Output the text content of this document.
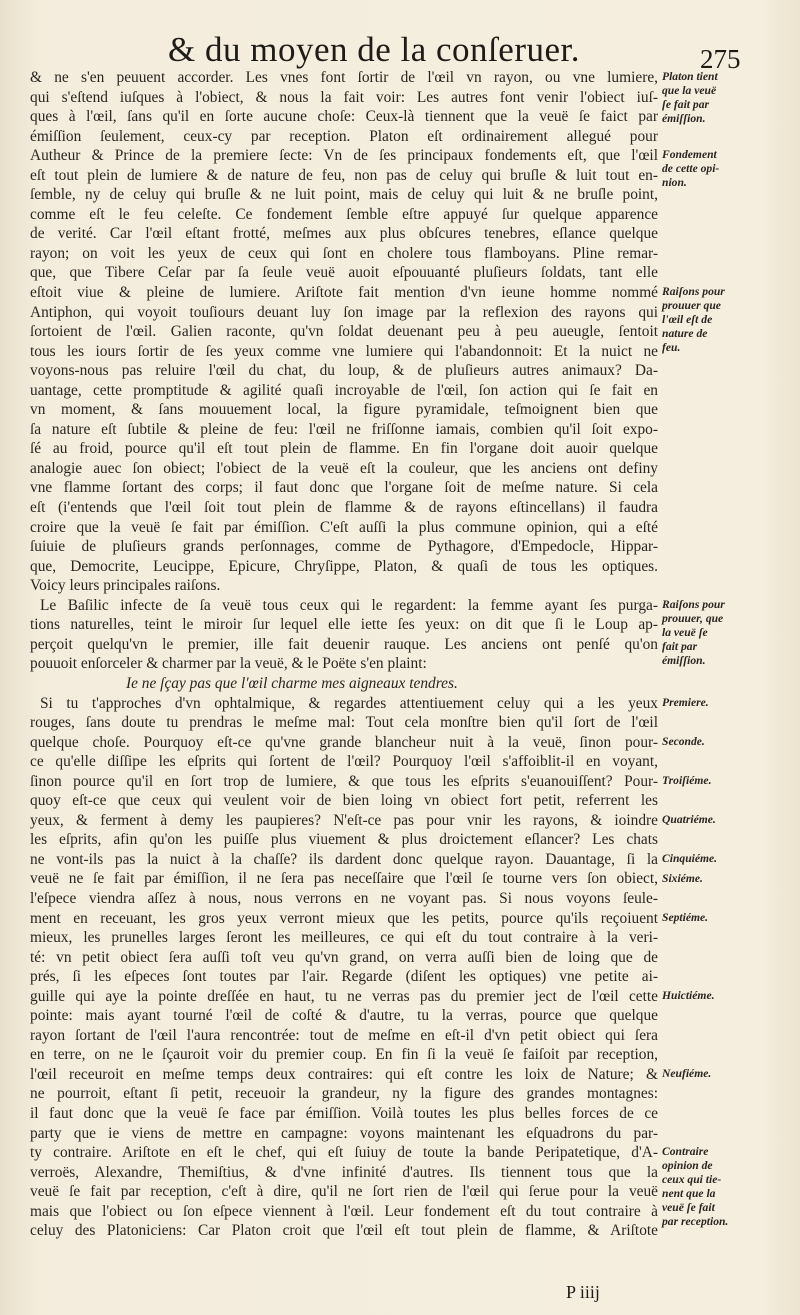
& du moyen de la conſeruer.	275
& ne s'en peuuent accorder. Les vnes font ſortir de l'œil vn rayon, ou vne lumiere,
qui s'eſtend iuſques à l'obiect, & nous la fait voir: Les autres font venir l'obiect iuſ-
ques à l'œil, ſans qu'il en ſorte aucune choſe: Ceux-là tiennent que la veuë ſe faict par
émiſſion ſeulement, ceux-cy par reception. Platon eſt ordinairement allegué pour
Autheur & Prince de la premiere ſecte: Vn de ſes principaux fondements eſt, que l'œil
eſt tout plein de lumiere & de nature de feu, non pas de celuy qui bruſle & luit tout en-
ſemble, ny de celuy qui bruſle & ne luit point, mais de celuy qui luit & ne bruſle point,
comme eſt le feu celeſte. Ce fondement ſemble eſtre appuyé ſur quelque apparence
de verité. Car l'œil eſtant frotté, meſmes aux plus obſcures tenebres, eſlance quelque
rayon; on voit les yeux de ceux qui ſont en cholere tous flamboyans. Pline remar-
que, que Tibere Ceſar par ſa ſeule veuë auoit eſpouuanté pluſieurs ſoldats, tant elle
eſtoit viue & pleine de lumiere. Ariſtote fait mention d'vn ieune homme nommé
Antiphon, qui voyoit touſiours deuant luy ſon image par la reflexion des rayons qui
ſortoient de l'œil. Galien raconte, qu'vn ſoldat deuenant peu à peu aueugle, ſentoit
tous les iours ſortir de ſes yeux comme vne lumiere qui l'abandonnoit: Et la nuict ne
voyons-nous pas reluire l'œil du chat, du loup, & de pluſieurs autres animaux? Da-
uantage, cette promptitude & agilité quaſi incroyable de l'œil, ſon action qui ſe fait en
vn moment, & ſans mouuement local, la figure pyramidale, teſmoignent bien que
ſa nature eſt ſubtile & pleine de feu: l'œil ne friſſonne iamais, combien qu'il ſoit expo-
ſé au froid, pource qu'il eſt tout plein de flamme. En fin l'organe doit auoir quelque
analogie auec ſon obiect; l'obiect de la veuë eſt la couleur, que les anciens ont definy
vne flamme ſortant des corps; il faut donc que l'organe ſoit de meſme nature. Si cela
eſt (i'entends que l'œil ſoit tout plein de flamme & de rayons eſtincellans) il faudra
croire que la veuë ſe fait par émiſſion. C'eſt auſſi la plus commune opinion, qui a eſté
ſuiuie de pluſieurs grands perſonnages, comme de Pythagore, d'Empedocle, Hippar-
que, Democrite, Leucippe, Epicure, Chryſippe, Platon, & quaſi de tous les optiques.
Voicy leurs principales raiſons.
Le Baſilic infecte de ſa veuë tous ceux qui le regardent: la femme ayant ſes purga-
tions naturelles, teint le miroir ſur lequel elle iette ſes yeux: on dit que ſi le Loup ap-
perçoit quelqu'vn le premier, ille fait deuenir rauque. Les anciens ont penſé qu'on
pouuoit enſorceler & charmer par la veuë, & le Poëte s'en plaint:
Ie ne ſçay pas que l'œil charme mes aigneaux tendres.
Si tu t'approches d'vn ophtalmique, & regardes attentiuement celuy qui a les yeux
rouges, ſans doute tu prendras le meſme mal: Tout cela monſtre bien qu'il ſort de l'œil
quelque choſe. Pourquoy eſt-ce qu'vne grande blancheur nuit à la veuë, ſinon pour-
ce qu'elle diſſipe les eſprits qui ſortent de l'œil? Pourquoy l'œil s'affoiblit-il en voyant,
ſinon pource qu'il en ſort trop de lumiere, & que tous les eſprits s'euanouiſſent? Pour-
quoy eſt-ce que ceux qui veulent voir de bien loing vn obiect fort petit, referrent les
yeux, & ferment à demy les paupieres? N'eſt-ce pas pour vnir les rayons, & ioindre
les eſprits, afin qu'on les puiſſe plus viuement & plus droictement eſlancer? Les chats
ne vont-ils pas la nuict à la chaſſe? ils dardent donc quelque rayon. Dauantage, ſi la
veuë ne ſe fait par émiſſion, il ne ſera pas neceſſaire que l'œil ſe tourne vers ſon obiect,
l'eſpece viendra aſſez à nous, nous verrons en ne voyant pas. Si nous voyons ſeule-
ment en receuant, les gros yeux verront mieux que les petits, pource qu'ils reçoiuent
mieux, les prunelles larges ſeront les meilleures, ce qui eſt du tout contraire à la veri-
té: vn petit obiect ſera auſſi toſt veu qu'vn grand, on verra auſſi bien de loing que de
prés, ſi les eſpeces ſont toutes par l'air. Regarde (diſent les optiques) vne petite ai-
guille qui aye la pointe dreſſée en haut, tu ne verras pas du premier ject de l'œil cette
pointe: mais ayant tourné l'œil de coſté & d'autre, tu la verras, pource que quelque
rayon ſortant de l'œil l'aura rencontrée: tout de meſme en eſt-il d'vn petit obiect qui ſera
en terre, on ne le ſçauroit voir du premier coup. En fin ſi la veuë ſe faiſoit par reception,
l'œil receuroit en meſme temps deux contraires: qui eſt contre les loix de Nature; &
ne pourroit, eſtant ſi petit, receuoir la grandeur, ny la figure des grandes montagnes:
il faut donc que la veuë ſe face par émiſſion. Voilà toutes les plus belles forces de ce
party que ie viens de mettre en campagne: voyons maintenant les eſquadrons du par-
ty contraire. Ariſtote en eſt le chef, qui eſt ſuiuy de toute la bande Peripatetique, d'A-
verroës, Alexandre, Themiſtius, & d'vne infinité d'autres. Ils tiennent tous que la
veuë ſe fait par reception, c'eſt à dire, qu'il ne ſort rien de l'œil qui ſerue pour la veuë
mais que l'obiect ou ſon eſpece viennent à l'œil. Leur fondement eſt du tout contraire à
celuy des Platoniciens: Car Platon croit que l'œil eſt tout plein de flamme, & Ariſtote
Platon tient
que la veuë
ſe fait par
émiſſion.
Fondement
de cette opi-
nion.
Raiſons pour
prouuer que
l'œil eſt de
nature de
feu.
Raiſons pour
prouuer, que
la veuë ſe
fait par
émiſſion.
Premiere.
Seconde.
Troiſiéme.
Quatriéme.
Cinquiéme.
Sixiéme.
Septiéme.
Huictiéme.
Neufiéme.
Contraire
opinion de
ceux qui tie-
nent que la
veuë ſe fait
par reception.
P iiij
